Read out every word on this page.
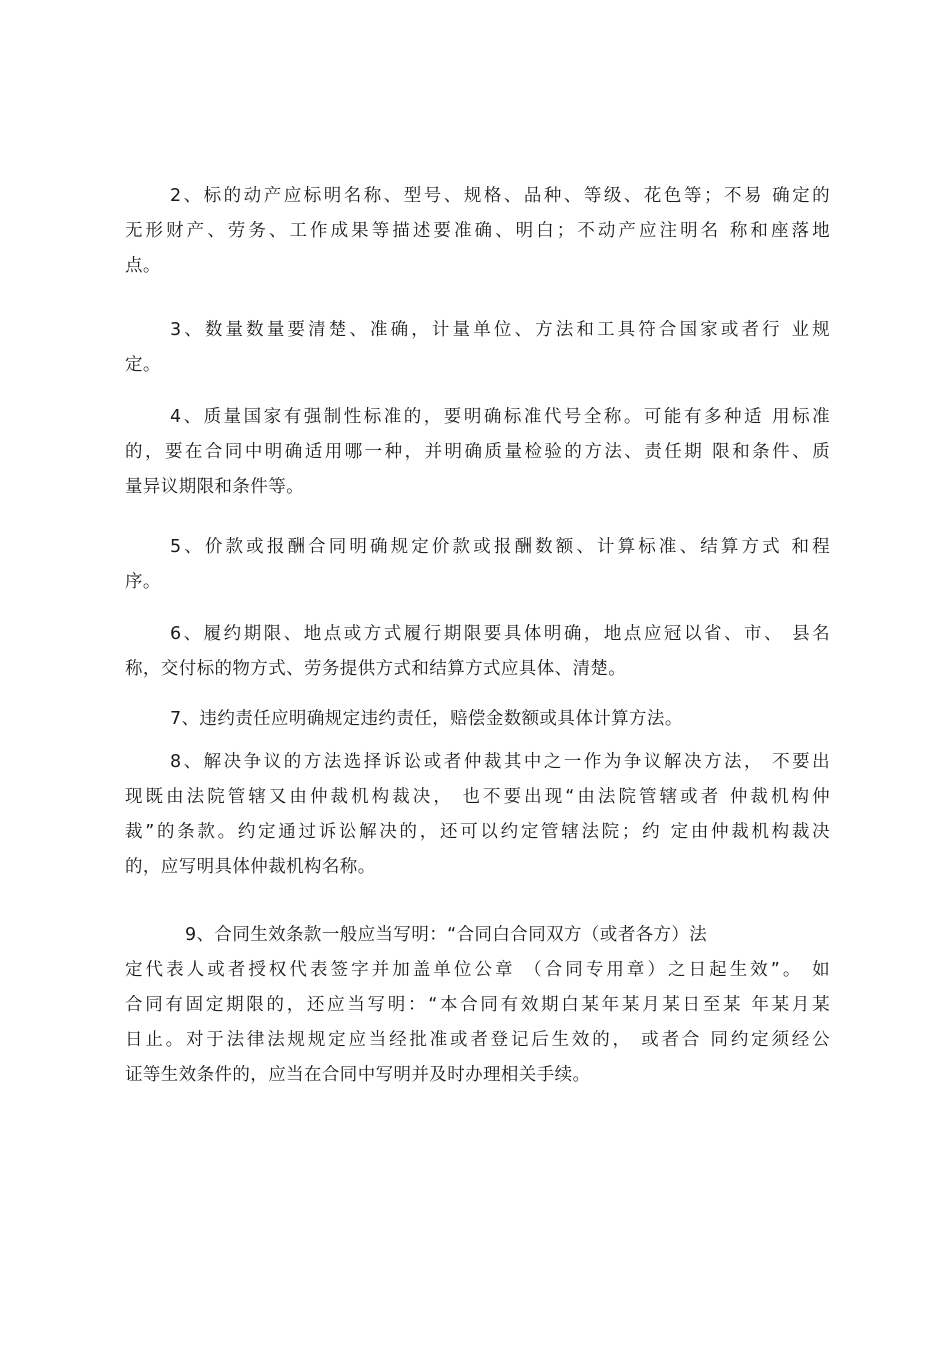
2、标的动产应标明名称、型号、规格、品种、等级、花色等；不易 确定的
无形财产、劳务、工作成果等描述要准确、明白；不动产应注明名 称和座落地
点。
3、数量数量要清楚、准确，计量单位、方法和工具符合国家或者行 业规
定。
4、质量国家有强制性标准的，要明确标准代号全称。可能有多种适 用标准
的，要在合同中明确适用哪一种，并明确质量检验的方法、责任期 限和条件、质
量异议期限和条件等。
5、价款或报酬合同明确规定价款或报酬数额、计算标准、结算方式 和程
序。
6、履约期限、地点或方式履行期限要具体明确，地点应冠以省、市、 县名
称，交付标的物方式、劳务提供方式和结算方式应具体、清楚。
7、违约责任应明确规定违约责任，赔偿金数额或具体计算方法。
8、解决争议的方法选择诉讼或者仲裁其中之一作为争议解决方法， 不要出
现既由法院管辖又由仲裁机构裁决， 也不要出现“由法院管辖或者 仲裁机构仲
裁”的条款。约定通过诉讼解决的，还可以约定管辖法院；约 定由仲裁机构裁决
的，应写明具体仲裁机构名称。
9、合同生效条款一般应当写明：“合同白合同双方（或者各方）法
定代表人或者授权代表签字并加盖单位公章 （合同专用章）之日起生效”。 如
合同有固定期限的，还应当写明：“本合同有效期白某年某月某日至某 年某月某
日止。对于法律法规规定应当经批准或者登记后生效的， 或者合 同约定须经公
证等生效条件的，应当在合同中写明并及时办理相关手续。
